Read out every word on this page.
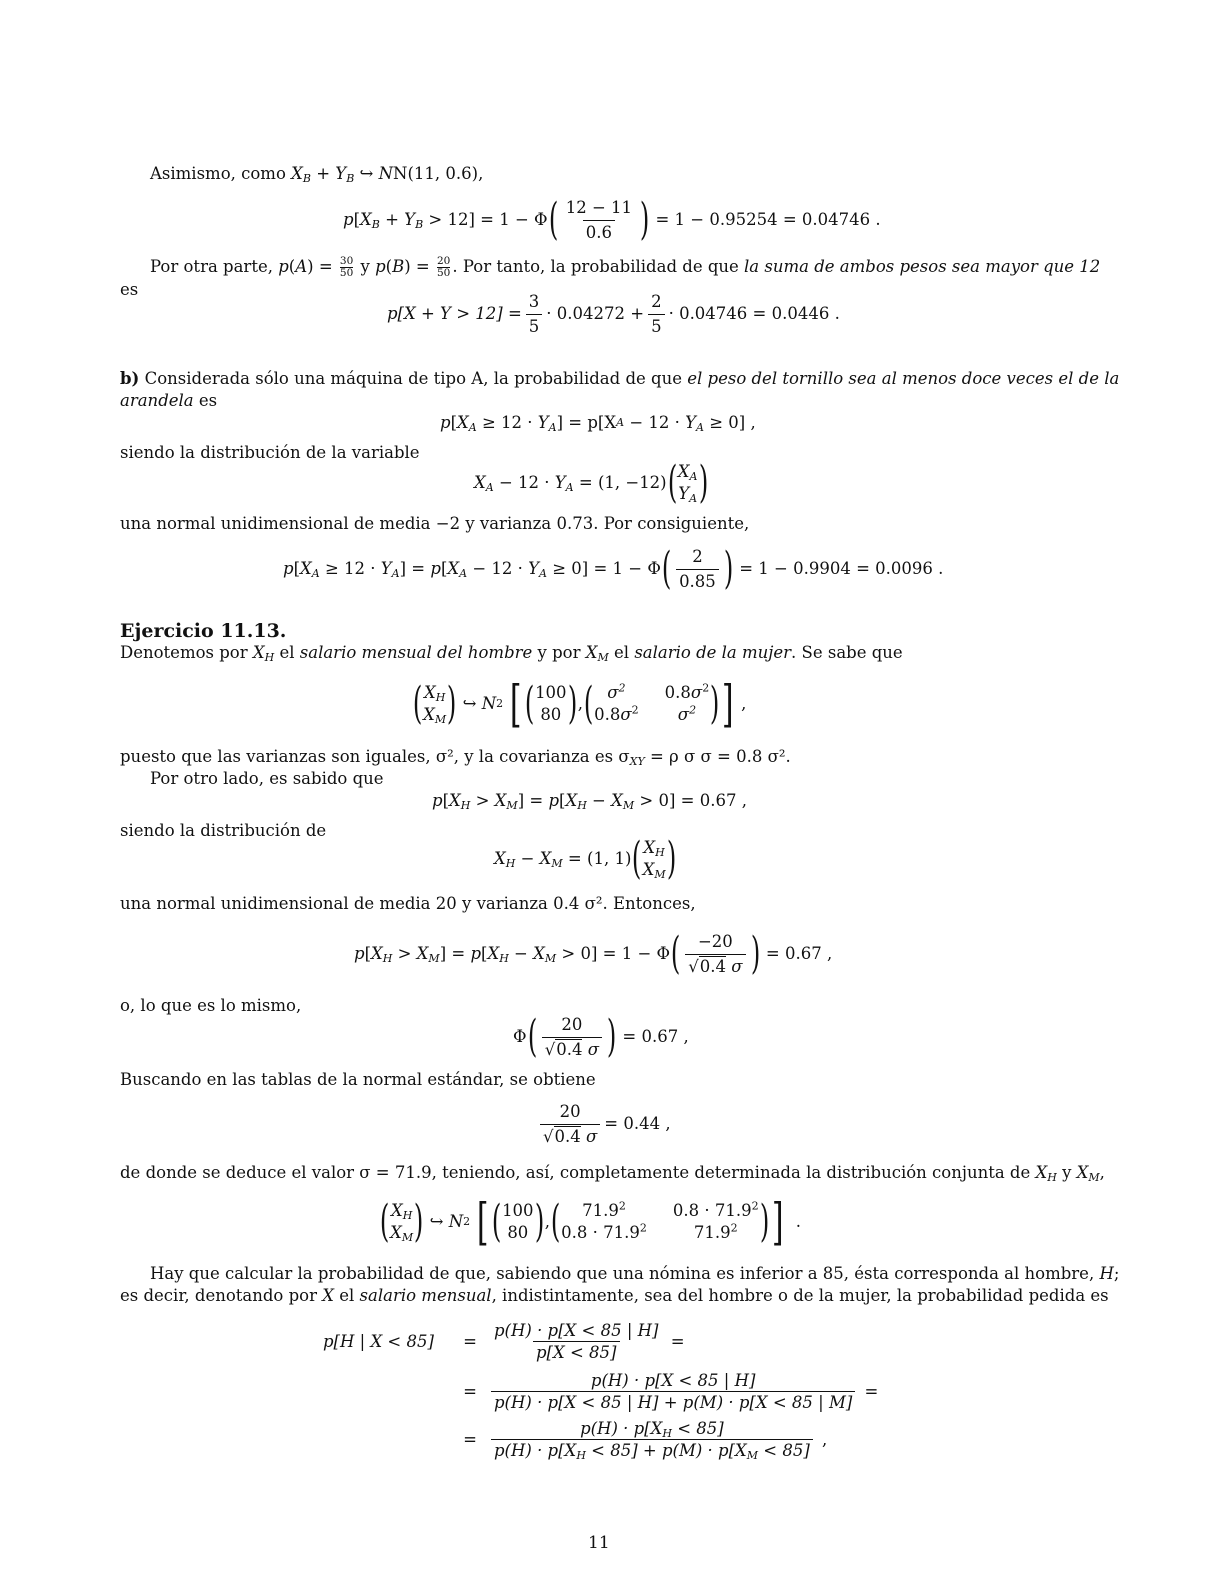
Asimismo, como $X_B + Y_B$ ↪ NN(11, 0.6),
p [ $X_B + Y_B > 12] = 1 - \Phi$ ( $\frac{12 - 11}{0.6}$ )
= 1 − 0.95254 = 0.04746 .
Por otra parte, $p(A) = \frac{30}{50}$ y $p(B) = \frac{20}{50}$ . Por tanto, la probabilidad de que la suma de ambos pesos sea mayor que 12
es
$p[X + Y > 12] = \frac{3}{5} \cdot 0.04272 + \frac{2}{5} \cdot 0.04746 = 0.0446$ .
b) Considerada sólo una máquina de tipo A, la probabilidad de que el peso del tornillo sea al menos doce veces el de la
arandela es
p [ $X_A \ge 12 \cdot Y_A$ ] = p[X $A - 12 \cdot Y_A \ge 0$] ,
siendo la distribución de la variable
$X_A - 12 \cdot Y_A = (1$, −12) ( $X_A$
$Y_A$ )
una normal unidimensional de media −2 y varianza 0.73. Por consiguiente,
p [ $X_A \ge 12 \cdot Y_A$ ] = p [ $X_A - 12 \cdot Y_A \ge 0] = 1 - \Phi$ ( $\frac{2}{0.85}$ )
= 1 − 0.9904 = 0.0096 .
Ejercicio 11.13.
Denotemos por $X_H$ el salario mensual del hombre y por $X_M$ el salario de la mujer. Se sabe que
( $X_H$
$X_M$ ) ↪ N 2
[ ( 100
80 ) , ( $\sigma^2$	$0.8\sigma^2$
$0.8\sigma^2$	$\sigma^2$ ) ] ,
puesto que las varianzas son iguales, σ², y la covarianza es $\sigma_{XY} = \rho$ σ σ = 0.8 σ².
Por otro lado, es sabido que
p [ $X_H > X_M$ ] = p [ $X_H - X_M > 0] = 0.67$ ,
siendo la distribución de
$X_H - X_M = (1$, 1) ( $X_H$
$X_M$ )
una normal unidimensional de media 20 y varianza 0.4 σ². Entonces,
p [ $X_H > X_M$ ] = p [ $X_H - X_M > 0] = 1 - \Phi$ ( $\frac{-20}{√0.4 \sigma}$ )
= 0.67 ,
o, lo que es lo mismo,
Φ ( $\frac{20}{√0.4 \sigma}$ )
= 0.67 ,
Buscando en las tablas de la normal estándar, se obtiene
$\frac{20}{√0.4 \sigma} = 0.44$ ,
de donde se deduce el valor σ = 71.9, teniendo, así, completamente determinada la distribución conjunta de $X_H$ y $X_M$,
( $X_H$
$X_M$ ) ↪ N 2
[ ( 100
80 ) , (	71.9$^2$	$0.8 \cdot 71.9^2$
$0.8 \cdot 71.9^2$	71.9$^2$ ) ] .
Hay que calcular la probabilidad de que, sabiendo que una nómina es inferior a 85, ésta corresponda al hombre, H;
es decir, denotando por X el salario mensual, indistintamente, sea del hombre o de la mujer, la probabilidad pedida es
p[H | X < 85]	= $\frac{p(H) \cdot p[X < 85 | H]}{p[X < 85]}$ =
= $\frac{p(H) \cdot p[X < 85 | H]}{p(H) \cdot p[X < 85 | H] + p(M) \cdot p[X < 85 | M]}$ =
= $\frac{p(H) \cdot p[X_H < 85]}{p(H) \cdot p[X_H < 85] + p(M) \cdot p[X_M < 85]}$ ,
11
